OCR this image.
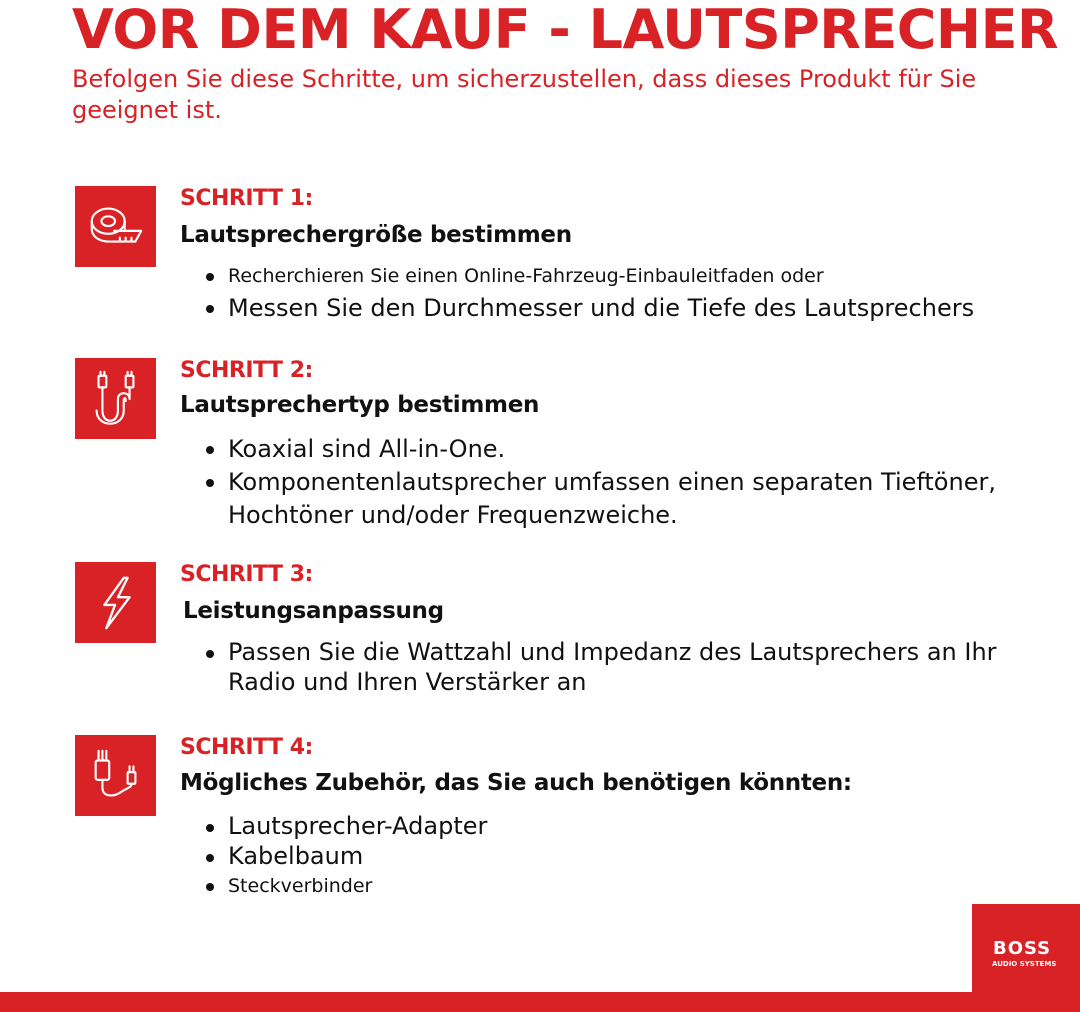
VOR DEM KAUF - LAUTSPRECHER

Befolgen Sie diese Schritte, um sicherzustellen, dass dieses Produkt für Sie geeignet ist.

SCHRITT 1:

Lautsprechergröße bestimmen

Recherchieren Sie einen Online-Fahrzeug-Einbauleitfaden oder
Messen Sie den Durchmesser und die Tiefe des Lautsprechers

SCHRITT 2:

Lautsprechertyp bestimmen

Koaxial sind All-in-One.
Komponentenlautsprecher umfassen einen separaten Tieftöner, Hochtöner und/oder Frequenzweiche.

SCHRITT 3:

Leistungsanpassung

Passen Sie die Wattzahl und Impedanz des Lautsprechers an Ihr Radio und Ihren Verstärker an

SCHRITT 4:

Mögliches Zubehör, das Sie auch benötigen könnten:

Lautsprecher-Adapter
Kabelbaum
Steckverbinder

BOSS

AUDIO SYSTEMS
